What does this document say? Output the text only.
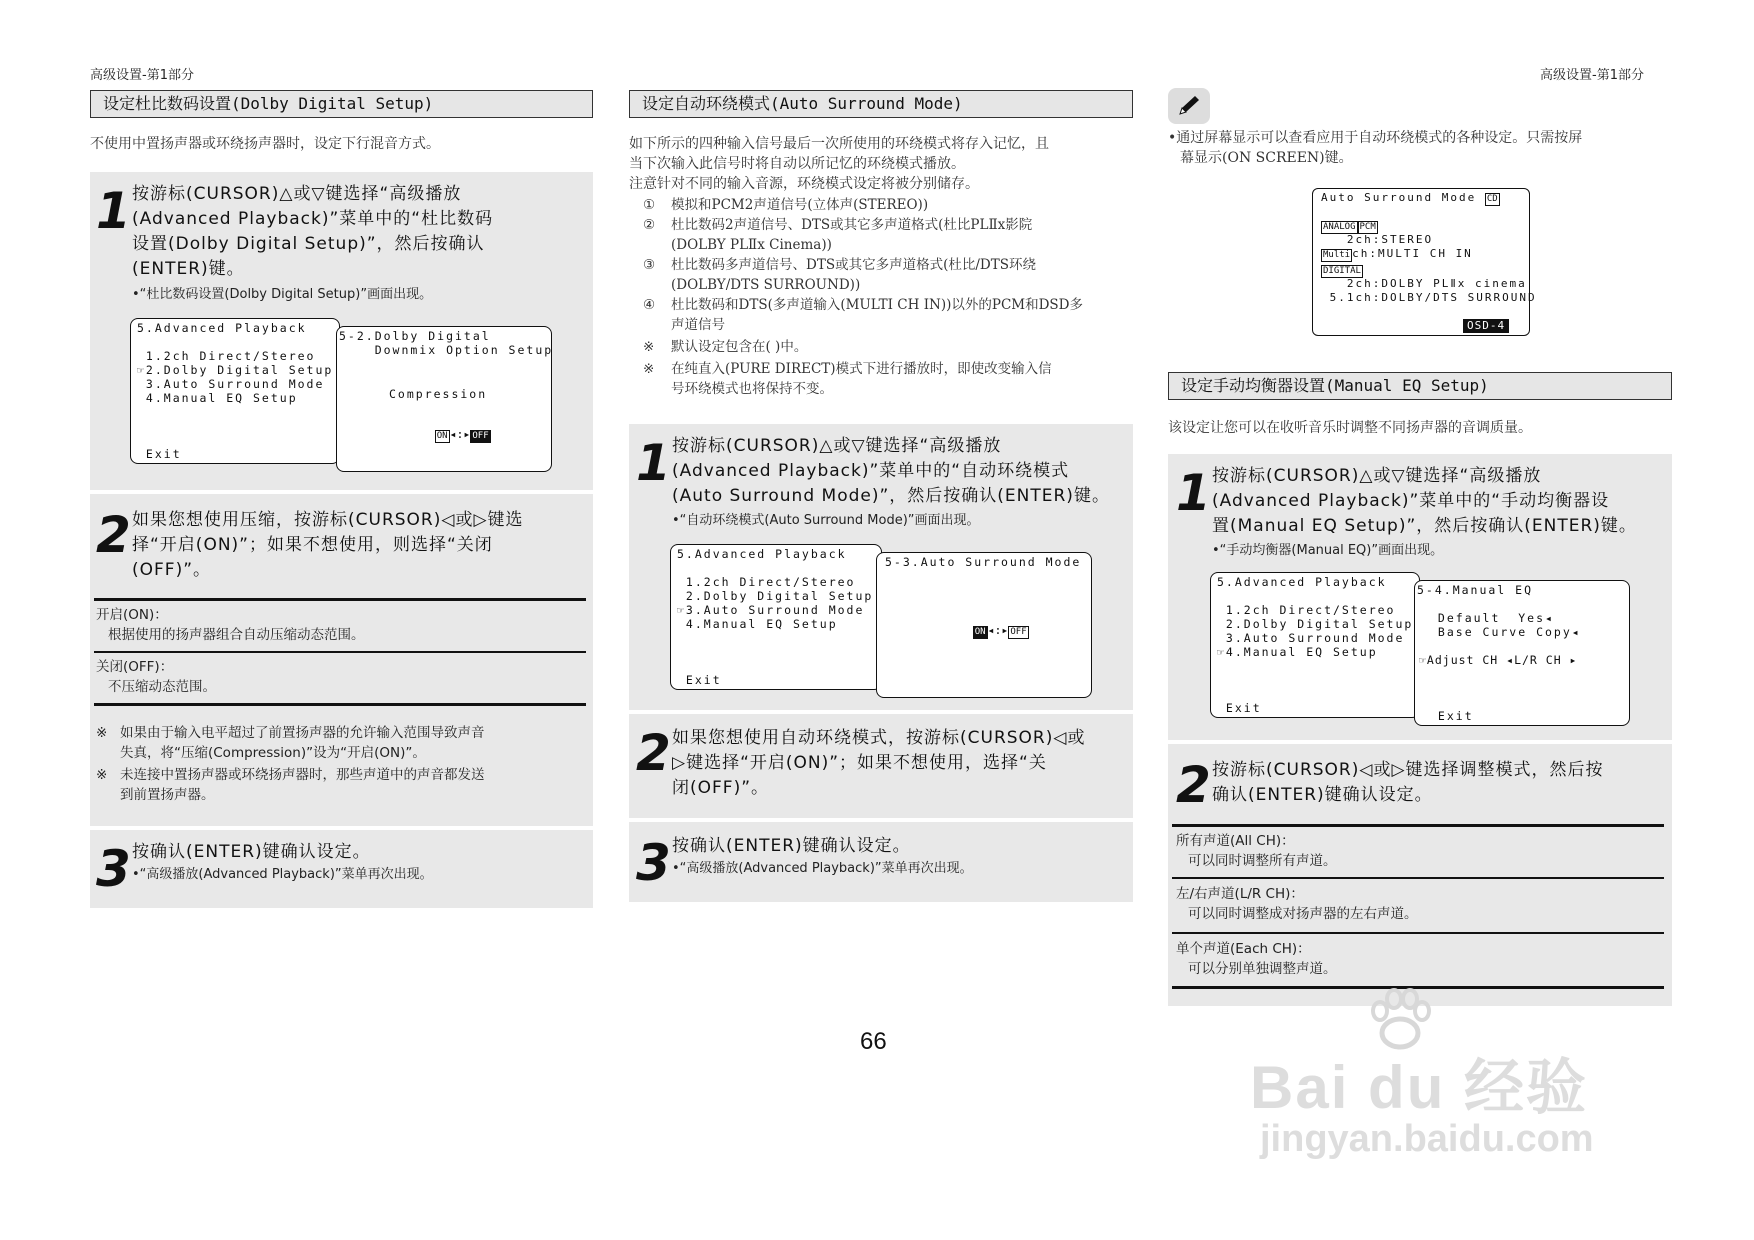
高级设置-第1部分	高级设置-第1部分
设定杜比数码设置(Dolby Digital Setup)
不使用中置扬声器或环绕扬声器时，设定下行混音方式。
1 按游标(CURSOR)△或▽键选择“高级播放
(Advanced Playback)”菜单中的“杜比数码
设置(Dolby Digital Setup)”，然后按确认
(ENTER)键。
•“杜比数码设置(Dolby Digital Setup)”画面出现。
5.Advanced Playback
1.2ch Direct/Stereo
☞2.Dolby Digital Setup
3.Auto Surround Mode
4.Manual EQ Setup
Exit
5-2.Dolby Digital
Downmix Option Setup
Compression

ON ◂:▸ OFF

2 如果您想使用压缩，按游标(CURSOR)◁或▷键选
择“开启(ON)”；如果不想使用，则选择“关闭
(OFF)”。
开启(ON)：
根据使用的扬声器组合自动压缩动态范围。
关闭(OFF)：
不压缩动态范围。
※ 如果由于输入电平超过了前置扬声器的允许输入范围导致声音
失真，将“压缩(Compression)”设为“开启(ON)”。
※ 未连接中置扬声器或环绕扬声器时，那些声道中的声音都发送
到前置扬声器。
3 按确认(ENTER)键确认设定。
•“高级播放(Advanced Playback)”菜单再次出现。
设定自动环绕模式(Auto Surround Mode)
如下所示的四种输入信号最后一次所使用的环绕模式将存入记忆，且
当下次输入此信号时将自动以所记忆的环绕模式播放。
注意针对不同的输入音源，环绕模式设定将被分别储存。
① 模拟和PCM2声道信号(立体声(STEREO))
② 杜比数码2声道信号、DTS或其它多声道格式(杜比PLⅡx影院
(DOLBY PLⅡx Cinema))
③ 杜比数码多声道信号、DTS或其它多声道格式(杜比/DTS环绕
(DOLBY/DTS SURROUND))
④ 杜比数码和DTS(多声道输入(MULTI CH IN))以外的PCM和DSD多
声道信号
※ 默认设定包含在( )中。
※ 在纯直入(PURE DIRECT)模式下进行播放时，即使改变输入信
号环绕模式也将保持不变。
1 按游标(CURSOR)△或▽键选择“高级播放
(Advanced Playback)”菜单中的“自动环绕模式
(Auto Surround Mode)”，然后按确认(ENTER)键。
•“自动环绕模式(Auto Surround Mode)”画面出现。
5.Advanced Playback
1.2ch Direct/Stereo
2.Dolby Digital Setup
☞3.Auto Surround Mode
4.Manual EQ Setup
Exit
5-3.Auto Surround Mode

ON ◂:▸ OFF

2 如果您想使用自动环绕模式，按游标(CURSOR)◁或
▷键选择“开启(ON)”；如果不想使用，选择“关
闭(OFF)”。
3 按确认(ENTER)键确认设定。
•“高级播放(Advanced Playback)”菜单再次出现。
•通过屏幕显示可以查看应用于自动环绕模式的各种设定。只需按屏
幕显示(ON SCREEN)键。
Auto Surround Mode CD
ANALOG PCM
2ch:STEREO
Multi ch:MULTI CH IN
DIGITAL
2ch:DOLBY PLⅡx cinema
5.1ch:DOLBY/DTS SURROUND
OSD-4
设定手动均衡器设置(Manual EQ Setup)
该设定让您可以在收听音乐时调整不同扬声器的音调质量。
1 按游标(CURSOR)△或▽键选择“高级播放
(Advanced Playback)”菜单中的“手动均衡器设
置(Manual EQ Setup)”，然后按确认(ENTER)键。
•“手动均衡器(Manual EQ)”画面出现。
5.Advanced Playback
1.2ch Direct/Stereo
2.Dolby Digital Setup
3.Auto Surround Mode
☞4.Manual EQ Setup
Exit
5-4.Manual EQ
Default  Yes◂
Base Curve Copy◂
☞Adjust CH ◂L/R CH ▸
Exit
2 按游标(CURSOR)◁或▷键选择调整模式，然后按
确认(ENTER)键确认设定。
所有声道(All CH)：
可以同时调整所有声道。
左/右声道(L/R CH)：
可以同时调整成对扬声器的左右声道。
单个声道(Each CH)：
可以分别单独调整声道。
66
Bai du 经验
jingyan.baidu.com
